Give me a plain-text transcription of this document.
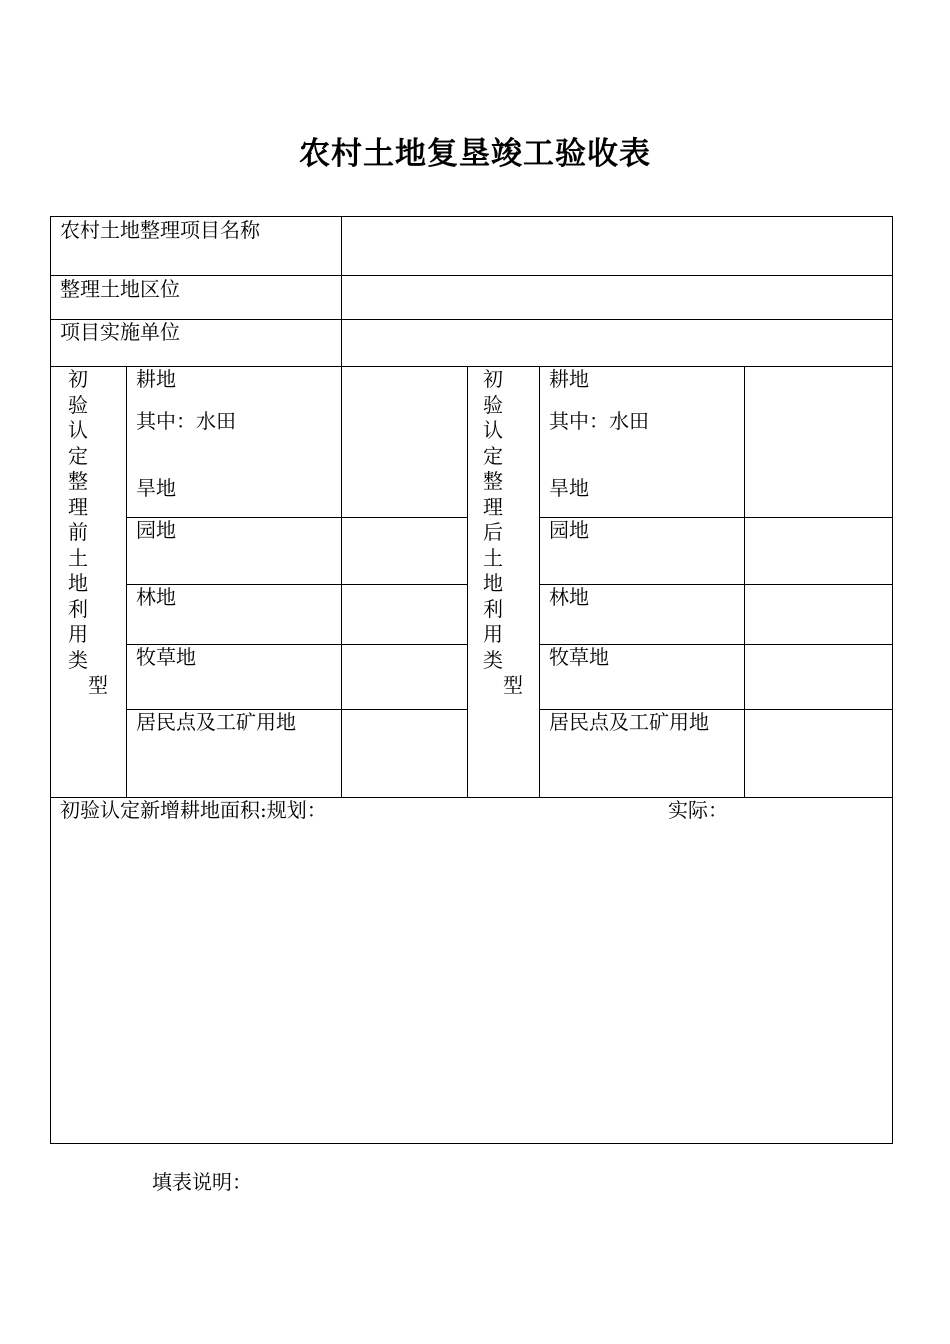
农村土地复垦竣工验收表
农村土地整理项目名称
整理土地区位
项目实施单位
初
验
认
定
整
理
前
土
地
利
用
类
型
耕地
其中：水田
旱地
园地
林地
牧草地
居民点及工矿用地
初
验
认
定
整
理
后
土
地
利
用
类
型
耕地
其中：水田
旱地
园地
林地
牧草地
居民点及工矿用地
初验认定新增耕地面积:规划：	实际：
填表说明：
